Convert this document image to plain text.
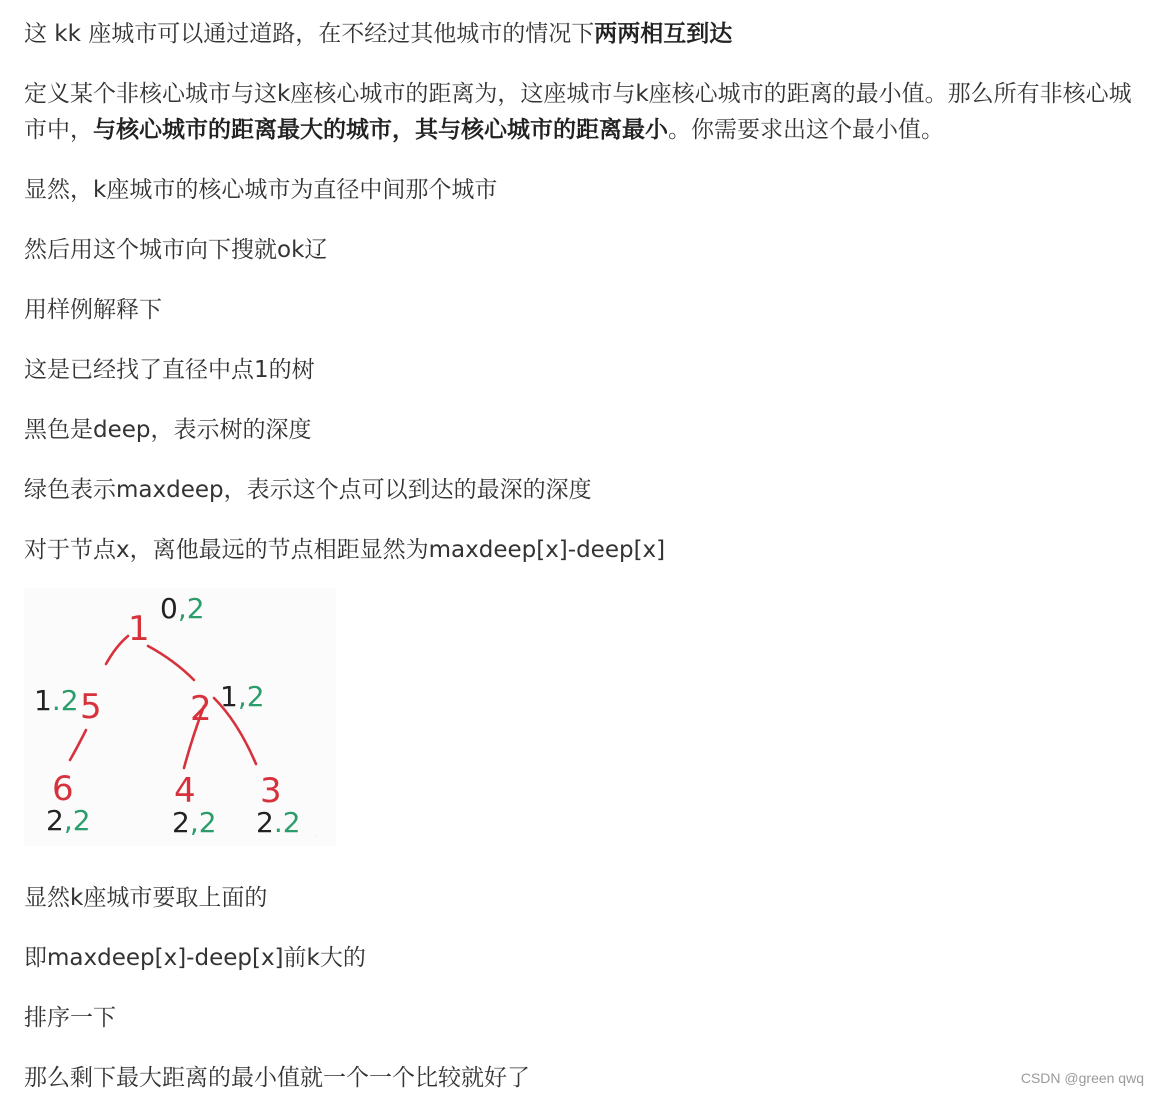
这 kk 座城市可以通过道路，在不经过其他城市的情况下两两相互到达
定义某个非核心城市与这k座核心城市的距离为，这座城市与k座核心城市的距离的最小值。那么所有非核心城市中，与核心城市的距离最大的城市，其与核心城市的距离最小。你需要求出这个最小值。
显然，k座城市的核心城市为直径中间那个城市
然后用这个城市向下搜就ok辽
用样例解释下
这是已经找了直径中点1的树
黑色是deep，表示树的深度
绿色表示maxdeep，表示这个点可以到达的最深的深度
对于节点x，离他最远的节点相距显然为maxdeep[x]-deep[x]
显然k座城市要取上面的
即maxdeep[x]-deep[x]前k大的
排序一下
那么剩下最大距离的最小值就一个一个比较就好了
1
5	2
6	4 3
0,2
1.2	1,2
2,2	2,2 2.2	·
CSDN @green qwq
